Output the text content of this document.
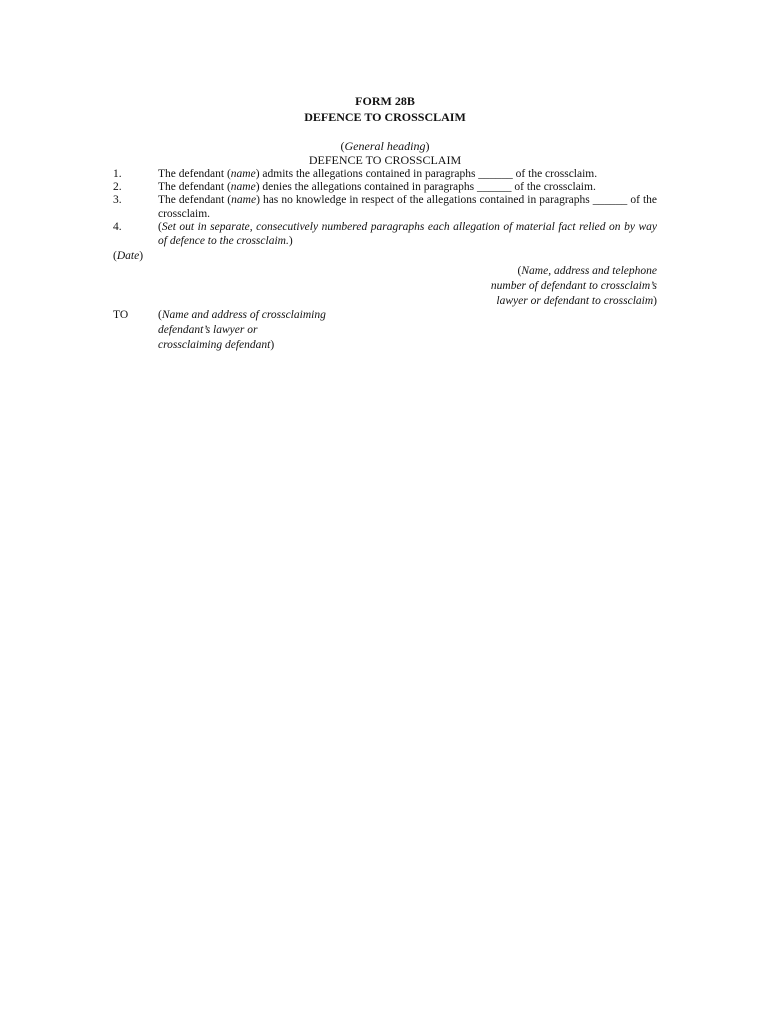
FORM 28B
DEFENCE TO CROSSCLAIM
(General heading)
DEFENCE TO CROSSCLAIM
1.	The defendant (name) admits the allegations contained in paragraphs ______ of the crossclaim.
2.	The defendant (name) denies the allegations contained in paragraphs ______ of the crossclaim.
3.	The defendant (name) has no knowledge in respect of the allegations contained in paragraphs ______ of the crossclaim.
4.	(Set out in separate, consecutively numbered paragraphs each allegation of material fact relied on by way of defence to the crossclaim.)
(Date)
(Name, address and telephone
number of defendant to crossclaim’s
lawyer or defendant to crossclaim)
TO	(Name and address of crossclaiming
defendant’s lawyer or
crossclaiming defendant)
